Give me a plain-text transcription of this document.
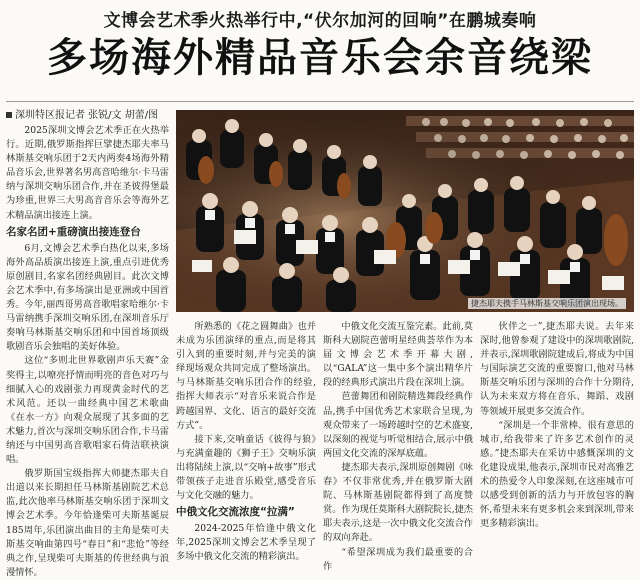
文博会艺术季火热举行中,“伏尔加河的回响”在鹏城奏响
多场海外精品音乐会余音绕梁
深圳特区报记者 张锐/文 胡蕾/图

2025深圳文博会艺术季正在火热举行。近期,俄罗斯指挥巨擘捷杰耶夫率马林斯基交响乐团于2天内两奏4场海外精品音乐会,世界著名男高音哈维尔·卡马雷纳与深圳交响乐团合作,并在圣彼得堡最为珍重,世界三大男高音音乐会等海外艺术精品演出接连上演。

名家名团+重磅演出接连登台

6月,文博会艺术季白热化以来,多场海外高品质演出接连上演,重点引进优秀原创剧目,名家名团经典剧目。此次文博会艺术季中,有多场演出是亚洲或中国首秀。今年,丽西哥男高音歌唱家哈维尔·卡马雷纳携手深圳交响乐团,在深圳音乐厅奏响马林斯基交响乐团和中国首场顶级歌剧音乐会独唱的美好体验。

这位“多则北世界歌剧声乐天赛”金奖得主,以嘹亮抒情而明亮的音色对巧与细腻入心的戏剧张力再现黄金时代的艺术风范。还以一曲经典中国艺术歌曲《在水一方》向观众展现了其多面的艺术魅力,首次与深圳交响乐团合作,卡马雷纳还与中国男高音歌唱家石倚洁联袂演唱。

俄罗斯国宝级指挥大师捷杰耶夫自出道以来长期担任马林斯基剧院艺术总监,此次他率马林斯基交响乐团于深圳文博会艺术季。今年恰逢柴可夫斯基诞辰185周年,乐团演出曲目的主角是柴可夫斯基交响曲第四号“春日”和“悲怆”等经典之作,呈现柴可夫斯基的传世经典与浪漫情怀。

捷杰耶夫携手马林斯基交响乐团演出现场。

所熟悉的《花之圆舞曲》也并未成为乐团演绎的重点,而是将其引入到的重要时刻,并与完美的演绎现场观众共同完成了整场演出。与马林斯基交响乐团合作的经验,指挥大师表示“对音乐来说合作是跨越国界、文化、语言的最好交流方式”。

接下来,交响童话《彼得与狼》与充满童趣的《狮子王》交响乐演出将陆续上演,以“交响+故事”形式带领孩子走进音乐殿堂,感受音乐与文化交融的魅力。

中俄文化交流浓度“拉满”

2024-2025年恰逢中俄文化年,2025深圳文博会艺术季呈现了多场中俄文化交流的精彩演出。

中俄文化交流互鉴完素。此前,莫斯科大剧院芭蕾明星经典荟萃作为本届文博会艺术季开幕大剧,以“GALA”这一集中多个演出精华片段的经典形式演出片段在深圳上演。

芭蕾舞团和剧院精选舞段经典作品,携手中国优秀艺术家联合呈现,为观众带来了一场跨越时空的艺术盛宴,以深刻的视觉与听觉相结合,展示中俄两国文化交流的深厚底蕴。

捷杰耶夫表示,深圳原创舞剧《咏春》不仅非常优秀,并在俄罗斯大剧院、马林斯基剧院都得到了高度赞赏。作为现任莫斯科大剧院院长,捷杰耶夫表示,这是一次中俄文化交流合作的双向奔赴。

“希望深圳成为我们最重要的合作

伙伴之一”,捷杰耶夫说。去年来深时,他曾参观了建设中的深圳歌剧院,并表示,深圳歌剧院建成后,将成为中国与国际演艺交流的重要窗口,他对马林斯基交响乐团与深圳的合作十分期待,认为未来双方将在音乐、舞蹈、戏剧等领域开展更多交流合作。

“深圳是一个非常棒、很有意思的城市,给我带来了许多艺术创作的灵感。”捷杰耶夫在采访中感慨深圳的文化建设成果,他表示,深圳市民对高雅艺术的热爱令人印象深刻,在这座城市可以感受到创新的活力与开放包容的胸怀,希望未来有更多机会来到深圳,带来更多精彩演出。
